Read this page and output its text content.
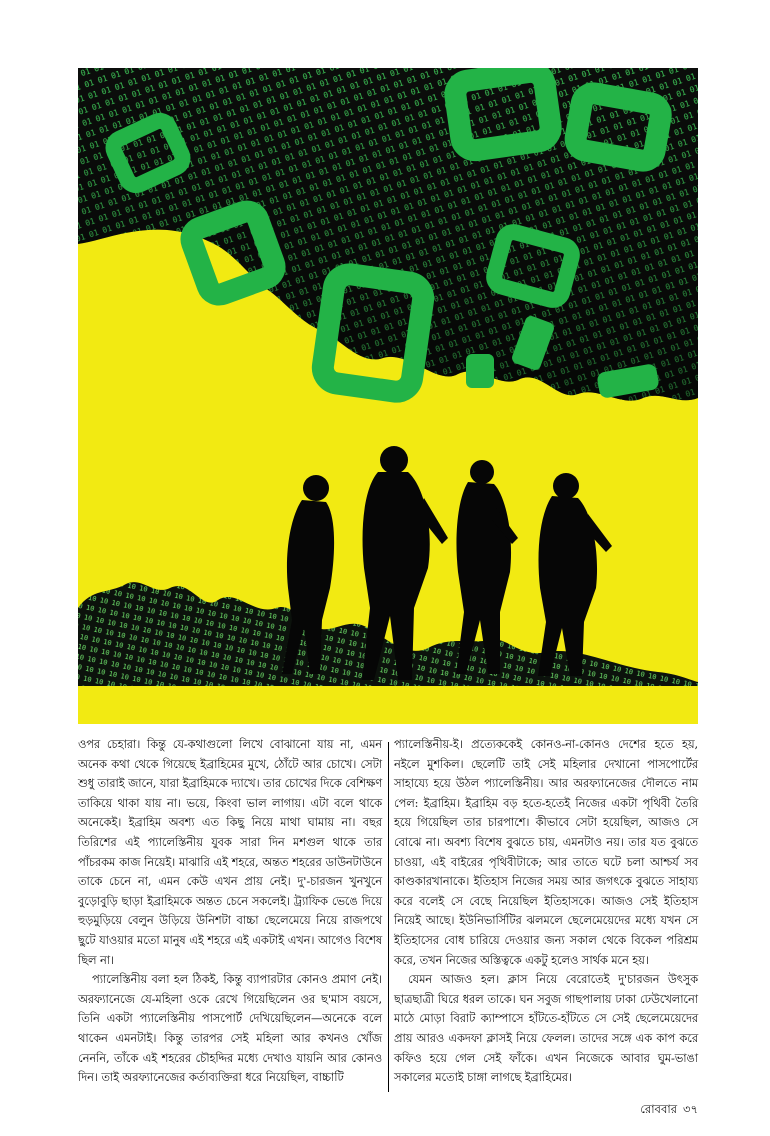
ওপর চেহারা। কিন্তু যে-কথাগুলো লিখে বোঝানো যায় না, এমন অনেক কথা থেকে গিয়েছে ইব্রাহিমের মুখে, ঠোঁটে আর চোখে। সেটা শুধু তারাই জানে, যারা ইব্রাহিমকে দ্যাখে। তার চোখের দিকে বেশিক্ষণ তাকিয়ে থাকা যায় না। ভয়ে, কিংবা ভাল লাগায়। এটা বলে থাকে অনেকেই। ইব্রাহিম অবশ্য এত কিছু নিয়ে মাথা ঘামায় না। বছর তিরিশের এই প্যালেস্তিনীয় যুবক সারা দিন মশগুল থাকে তার পাঁচরকম কাজ নিয়েই। মাঝারি এই শহরে, অন্তত শহরের ডাউনটাউনে তাকে চেনে না, এমন কেউ এখন প্রায় নেই। দু'-চারজন খুনখুনে বুড়োবুড়ি ছাড়া ইব্রাহিমকে অন্তত চেনে সকলেই। ট্র্যাফিক ভেঙে দিয়ে হুড়মুড়িয়ে বেলুন উড়িয়ে উনিশটা বাচ্চা ছেলেমেয়ে নিয়ে রাজপথে ছুটে যাওয়ার মতো মানুষ এই শহরে এই একটাই এখন। আগেও বিশেষ ছিল না।

প্যালেস্তিনীয় বলা হল ঠিকই, কিন্তু ব্যাপারটার কোনও প্রমাণ নেই। অরফ্যানেজে যে-মহিলা ওকে রেখে গিয়েছিলেন ওর ছ'মাস বয়সে, তিনি একটা প্যালেস্তিনীয় পাসপোর্ট দেখিয়েছিলেন—অনেকে বলে থাকেন এমনটাই। কিন্তু তারপর সেই মহিলা আর কখনও খোঁজ নেননি, তাঁকে এই শহরের চৌহদ্দির মধ্যে দেখাও যায়নি আর কোনও দিন। তাই অরফ্যানেজের কর্তাব্যক্তিরা ধরে নিয়েছিল, বাচ্চাটি

প্যালেস্তিনীয়-ই। প্রত্যেককেই কোনও-না-কোনও দেশের হতে হয়, নইলে মুশকিল। ছেলেটি তাই সেই মহিলার দেখানো পাসপোর্টের সাহায্যে হয়ে উঠল প্যালেস্তিনীয়। আর অরফ্যানেজের দৌলতে নাম পেল: ইব্রাহিম। ইব্রাহিম বড় হতে-হতেই নিজের একটা পৃথিবী তৈরি হয়ে গিয়েছিল তার চারপাশে। কীভাবে সেটা হয়েছিল, আজও সে বোঝে না। অবশ্য বিশেষ বুঝতে চায়, এমনটাও নয়। তার যত বুঝতে চাওয়া, এই বাইরের পৃথিবীটাকে; আর তাতে ঘটে চলা আশ্চর্য সব কাণ্ডকারখানাকে। ইতিহাস নিজের সময় আর জগৎকে বুঝতে সাহায্য করে বলেই সে বেছে নিয়েছিল ইতিহাসকে। আজও সেই ইতিহাস নিয়েই আছে। ইউনিভার্সিটির ঝলমলে ছেলেমেয়েদের মধ্যে যখন সে ইতিহাসের বোধ চারিয়ে দেওয়ার জন্য সকাল থেকে বিকেল পরিশ্রম করে, তখন নিজের অস্তিত্বকে একটু হলেও সার্থক মনে হয়।

যেমন আজও হল। ক্লাস নিয়ে বেরোতেই দু'চারজন উৎসুক ছাত্রছাত্রী ঘিরে ধরল তাকে। ঘন সবুজ গাছপালায় ঢাকা ঢেউখেলানো মাঠে মোড়া বিরাট ক্যাম্পাসে হাঁটতে-হাঁটতে সে সেই ছেলেমেয়েদের প্রায় আরও একদফা ক্লাসই নিয়ে ফেলল। তাদের সঙ্গে এক কাপ করে কফিও হয়ে গেল সেই ফাঁকে। এখন নিজেকে আবার ঘুম-ভাঙা সকালের মতোই চাঙ্গা লাগছে ইব্রাহিমের।

রোববার ৩৭
